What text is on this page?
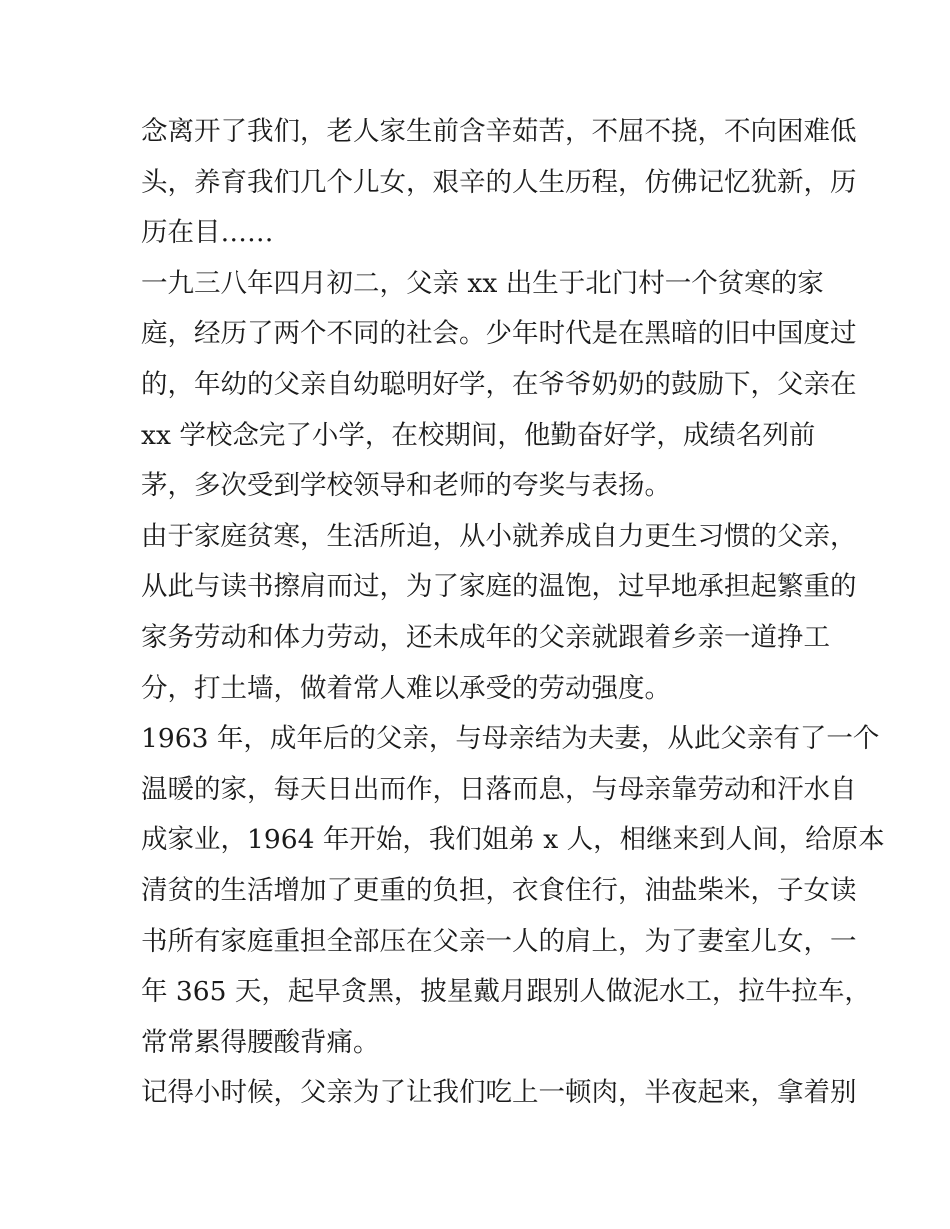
念离开了我们，老人家生前含辛茹苦，不屈不挠，不向困难低
头，养育我们几个儿女，艰辛的人生历程，仿佛记忆犹新，历
历在目……
一九三八年四月初二，父亲 xx 出生于北门村一个贫寒的家
庭，经历了两个不同的社会。少年时代是在黑暗的旧中国度过
的，年幼的父亲自幼聪明好学，在爷爷奶奶的鼓励下，父亲在
xx 学校念完了小学，在校期间，他勤奋好学，成绩名列前
茅，多次受到学校领导和老师的夸奖与表扬。
由于家庭贫寒，生活所迫，从小就养成自力更生习惯的父亲，
从此与读书擦肩而过，为了家庭的温饱，过早地承担起繁重的
家务劳动和体力劳动，还未成年的父亲就跟着乡亲一道挣工
分，打土墙，做着常人难以承受的劳动强度。
1963 年，成年后的父亲，与母亲结为夫妻，从此父亲有了一个
温暖的家，每天日出而作，日落而息，与母亲靠劳动和汗水自
成家业，1964 年开始，我们姐弟 x 人，相继来到人间，给原本
清贫的生活增加了更重的负担，衣食住行，油盐柴米，子女读
书所有家庭重担全部压在父亲一人的肩上，为了妻室儿女，一
年 365 天，起早贪黑，披星戴月跟别人做泥水工，拉牛拉车，
常常累得腰酸背痛。
记得小时候，父亲为了让我们吃上一顿肉，半夜起来，拿着别
